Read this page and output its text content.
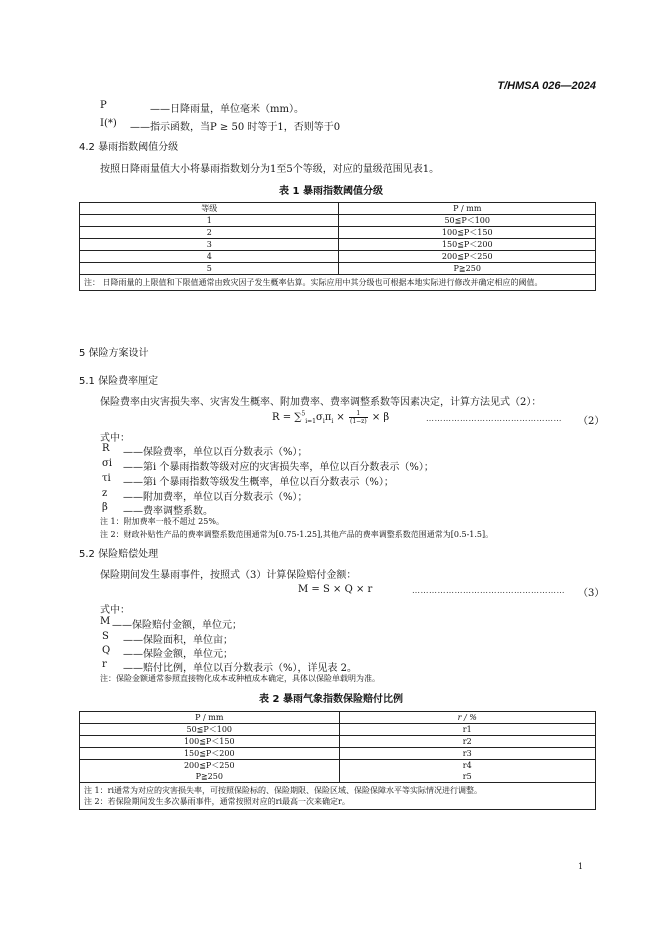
T/HMSA 026—2024
P	——日降雨量，单位毫米（mm）。
I(*) ——指示函数，当P ≥ 50 时等于1，否则等于0
4.2 暴雨指数阈值分级
按照日降雨量值大小将暴雨指数划分为1至5个等级，对应的量级范围见表1。
表 1 暴雨指数阈值分级
等级	P / mm
1	50≦P＜100
2	100≦P＜150
3	150≦P＜200
4	200≦P＜250
5	P≧250
注： 日降雨量的上限值和下限值通常由致灾因子发生概率估算。实际应用中其分级也可根据本地实际进行修改并确定相应的阈值。	
5 保险方案设计
5.1 保险费率厘定
保险费率由灾害损失率、灾害发生概率、附加费率、费率调整系数等因素决定，计算方法见式（2）：
$R = \sum^5_{i=1}\sigma_i\pi_i \times \frac{1}{(1-z)} \times \beta$	………………………………………… （2）
式中：
R ——保险费率，单位以百分数表示（%）；
σi ——第i 个暴雨指数等级对应的灾害损失率，单位以百分数表示（%）；
τi ——第i 个暴雨指数等级发生概率，单位以百分数表示（%）；
z ——附加费率，单位以百分数表示（%）；
β ——费率调整系数。
注 1：附加费率一般不超过 25%。
注 2：财政补贴性产品的费率调整系数范围通常为[0.75-1.25],其他产品的费率调整系数范围通常为[0.5-1.5]。
5.2 保险赔偿处理
保险期间发生暴雨事件，按照式（3）计算保险赔付金额：
M = S × Q × r	……………………………………………… （3）
式中：
M ——保险赔付金额，单位元；
S ——保险面积，单位亩；
Q ——保险金额，单位元；
r ——赔付比例，单位以百分数表示（%），详见表 2。
注：保险金额通常参照直接物化成本或种植成本确定，具体以保险单载明为准。
表 2 暴雨气象指数保险赔付比例
P / mm	r / %
50≦P＜100	r1
100≦P＜150	r2
150≦P＜200	r3
200≦P＜250	r4
P≧250	r5

注 1：ri通常为对应的灾害损失率，可按照保险标的、保险期限、保险区域、保险保障水平等实际情况进行调整。
注 2：若保险期间发生多次暴雨事件，通常按照对应的ri最高一次来确定r。	
1
